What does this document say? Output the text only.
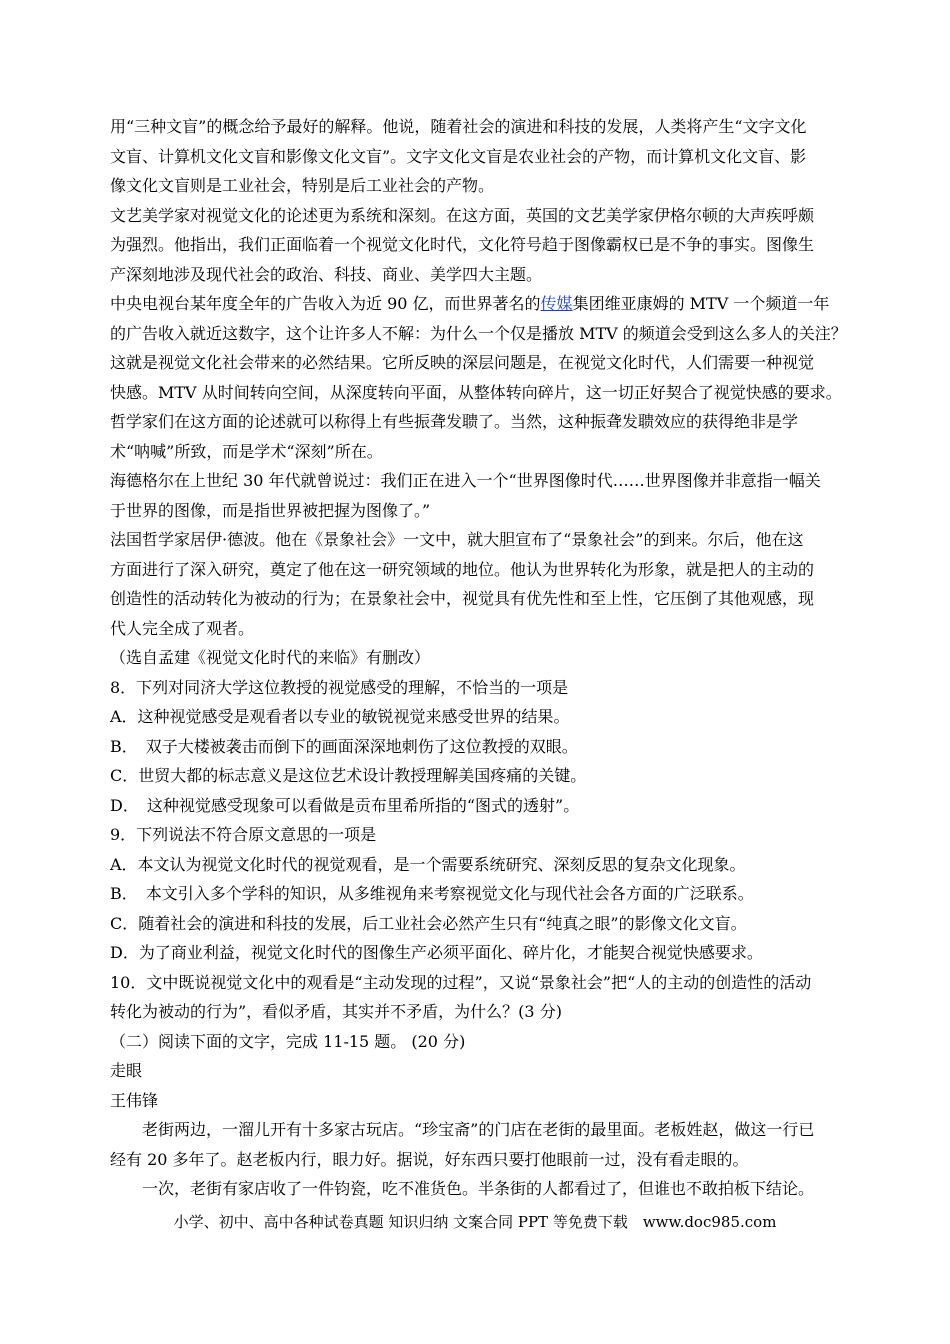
用“三种文盲”的概念给予最好的解释。他说，随着社会的演进和科技的发展，人类将产生“文字文化
文盲、计算机文化文盲和影像文化文盲”。文字文化文盲是农业社会的产物，而计算机文化文盲、影
像文化文盲则是工业社会，特别是后工业社会的产物。
文艺美学家对视觉文化的论述更为系统和深刻。在这方面，英国的文艺美学家伊格尔顿的大声疾呼颇
为强烈。他指出，我们正面临着一个视觉文化时代，文化符号趋于图像霸权已是不争的事实。图像生
产深刻地涉及现代社会的政治、科技、商业、美学四大主题。
中央电视台某年度全年的广告收入为近 90 亿，而世界著名的传媒集团维亚康姆的 MTV 一个频道一年
的广告收入就近这数字，这个让许多人不解：为什么一个仅是播放 MTV 的频道会受到这么多人的关注？
这就是视觉文化社会带来的必然结果。它所反映的深层问题是，在视觉文化时代，人们需要一种视觉
快感。MTV 从时间转向空间，从深度转向平面，从整体转向碎片，这一切正好契合了视觉快感的要求。
哲学家们在这方面的论述就可以称得上有些振聋发聩了。当然，这种振聋发聩效应的获得绝非是学
术“呐喊”所致，而是学术“深刻”所在。
海德格尔在上世纪 30 年代就曾说过：我们正在进入一个“世界图像时代……世界图像并非意指一幅关
于世界的图像，而是指世界被把握为图像了。”
法国哲学家居伊·德波。他在《景象社会》一文中，就大胆宣布了“景象社会”的到来。尔后，他在这
方面进行了深入研究，奠定了他在这一研究领域的地位。他认为世界转化为形象，就是把人的主动的
创造性的活动转化为被动的行为；在景象社会中，视觉具有优先性和至上性，它压倒了其他观感，现
代人完全成了观者。
（选自孟建《视觉文化时代的来临》有删改）
8．下列对同济大学这位教授的视觉感受的理解，不恰当的一项是
A．这种视觉感受是观看者以专业的敏锐视觉来感受世界的结果。
B．　双子大楼被袭击而倒下的画面深深地刺伤了这位教授的双眼。
C．世贸大都的标志意义是这位艺术设计教授理解美国疼痛的关键。
D．　这种视觉感受现象可以看做是贡布里希所指的“图式的透射”。
9．下列说法不符合原文意思的一项是
A．本文认为视觉文化时代的视觉观看，是一个需要系统研究、深刻反思的复杂文化现象。
B．　本文引入多个学科的知识，从多维视角来考察视觉文化与现代社会各方面的广泛联系。
C．随着社会的演进和科技的发展，后工业社会必然产生只有“纯真之眼”的影像文化文盲。
D．为了商业利益，视觉文化时代的图像生产必须平面化、碎片化，才能契合视觉快感要求。
10．文中既说视觉文化中的观看是“主动发现的过程”，又说“景象社会”把“人的主动的创造性的活动
转化为被动的行为”，看似矛盾，其实并不矛盾，为什么？(3 分)
（二）阅读下面的文字，完成 11-15 题。 (20 分)
走眼
王伟锋
老街两边，一溜儿开有十多家古玩店。“珍宝斋”的门店在老街的最里面。老板姓赵，做这一行已
经有 20 多年了。赵老板内行，眼力好。据说，好东西只要打他眼前一过，没有看走眼的。
一次，老街有家店收了一件钧瓷，吃不准货色。半条街的人都看过了，但谁也不敢拍板下结论。
小学、初中、高中各种试卷真题 知识归纳 文案合同 PPT 等免费下载　www.doc985.com
